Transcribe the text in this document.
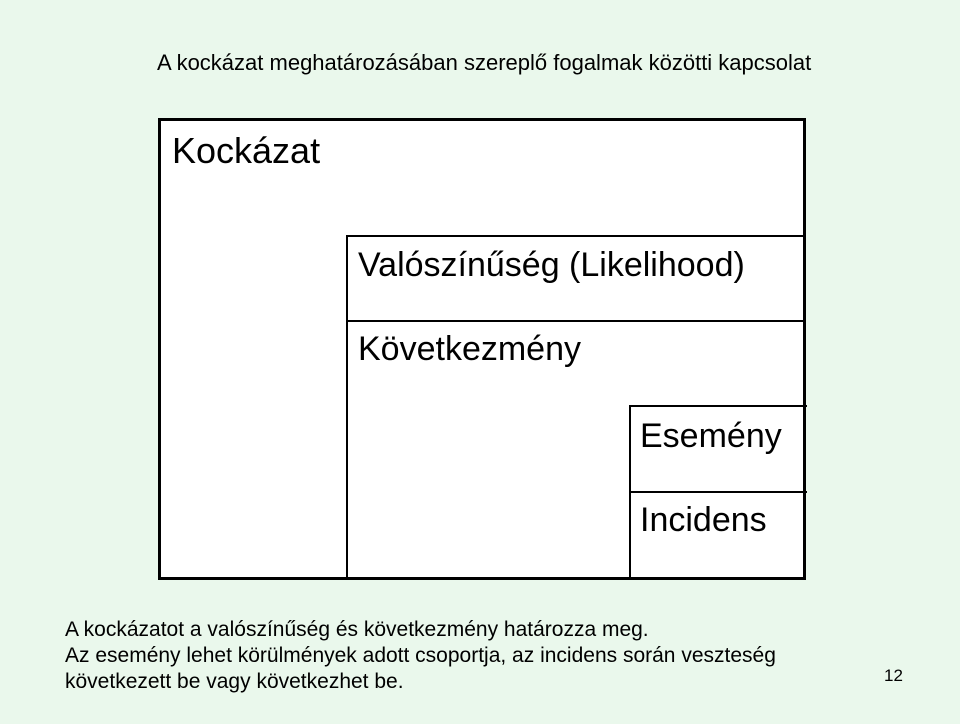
A kockázat meghatározásában szereplő fogalmak közötti kapcsolat
Kockázat
Valószínűség (Likelihood)
Következmény
Esemény
Incidens
A kockázatot a valószínűség és következmény határozza meg.
Az esemény lehet körülmények adott csoportja, az incidens során veszteség
következett be vagy következhet be.	12
